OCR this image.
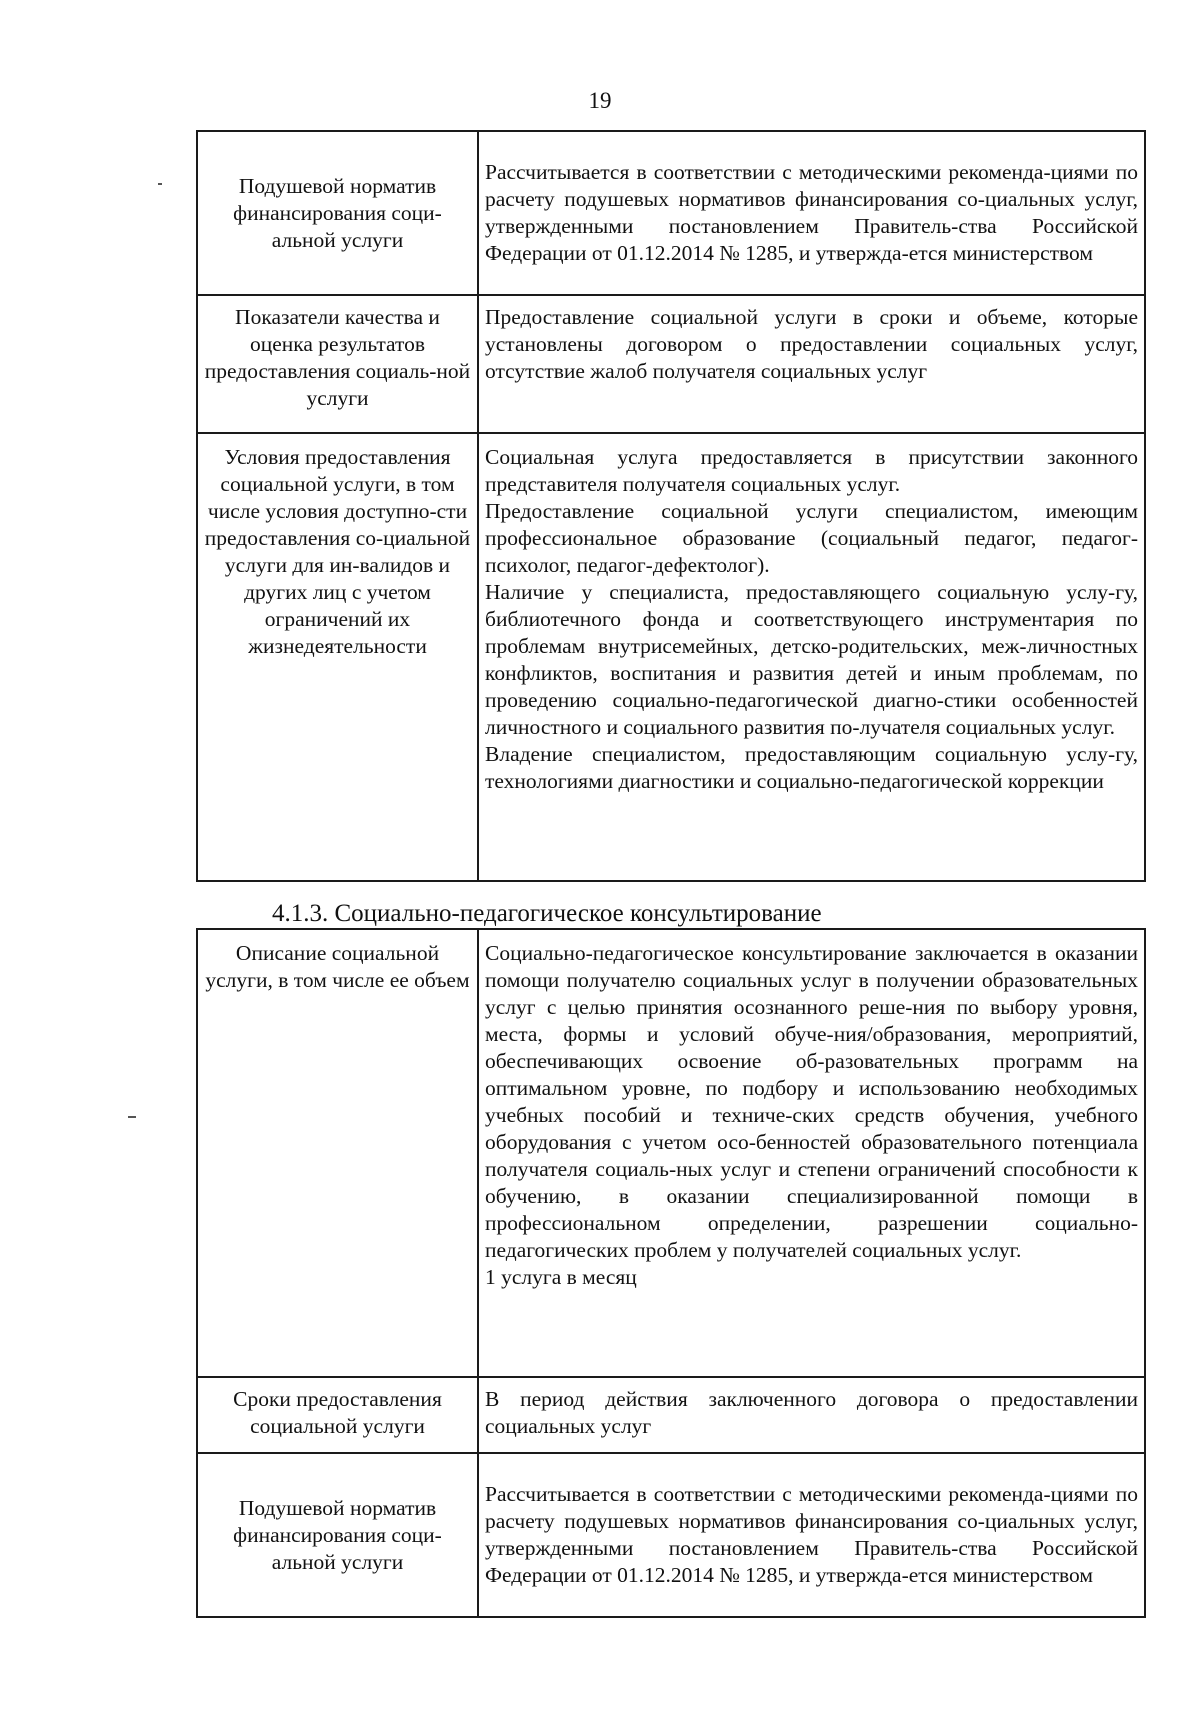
19
Подушевой норматив финансирования соци-альной услуги	Рассчитывается в соответствии с методическими рекоменда-циями по расчету подушевых нормативов финансирования со-циальных услуг, утвержденными постановлением Правитель-ства Российской Федерации от 01.12.2014 № 1285, и утвержда-ется министерством

Показатели качества и оценка результатов предоставления социаль-ной услуги	Предоставление социальной услуги в сроки и объеме, которые установлены договором о предоставлении социальных услуг, отсутствие жалоб получателя социальных услуг

Условия предоставления социальной услуги, в том числе условия доступно-сти предоставления со-циальной услуги для ин-валидов и других лиц с учетом ограничений их жизнедеятельности	Социальная услуга предоставляется в присутствии законного представителя получателя социальных услуг.
Предоставление социальной услуги специалистом, имеющим профессиональное образование (социальный педагог, педагог-психолог, педагог-дефектолог).
Наличие у специалиста, предоставляющего социальную услу-гу, библиотечного фонда и соответствующего инструментария по проблемам внутрисемейных, детско-родительских, меж-личностных конфликтов, воспитания и развития детей и иным проблемам, по проведению социально-педагогической диагно-стики особенностей личностного и социального развития по-лучателя социальных услуг.
Владение специалистом, предоставляющим социальную услу-гу, технологиями диагностики и социально-педагогической коррекции
4.1.3. Социально-педагогическое консультирование
Описание социальной услуги, в том числе ее объем	Социально-педагогическое консультирование заключается в оказании помощи получателю социальных услуг в получении образовательных услуг с целью принятия осознанного реше-ния по выбору уровня, места, формы и условий обуче-ния/образования, мероприятий, обеспечивающих освоение об-разовательных программ на оптимальном уровне, по подбору и использованию необходимых учебных пособий и техниче-ских средств обучения, учебного оборудования с учетом осо-бенностей образовательного потенциала получателя социаль-ных услуг и степени ограничений способности к обучению, в оказании специализированной помощи в профессиональном определении, разрешении социально-педагогических проблем у получателей социальных услуг.
1 услуга в месяц

Сроки предоставления социальной услуги	В период действия заключенного договора о предоставлении социальных услуг

Подушевой норматив финансирования соци-альной услуги	Рассчитывается в соответствии с методическими рекоменда-циями по расчету подушевых нормативов финансирования со-циальных услуг, утвержденными постановлением Правитель-ства Российской Федерации от 01.12.2014 № 1285, и утвержда-ется министерством
